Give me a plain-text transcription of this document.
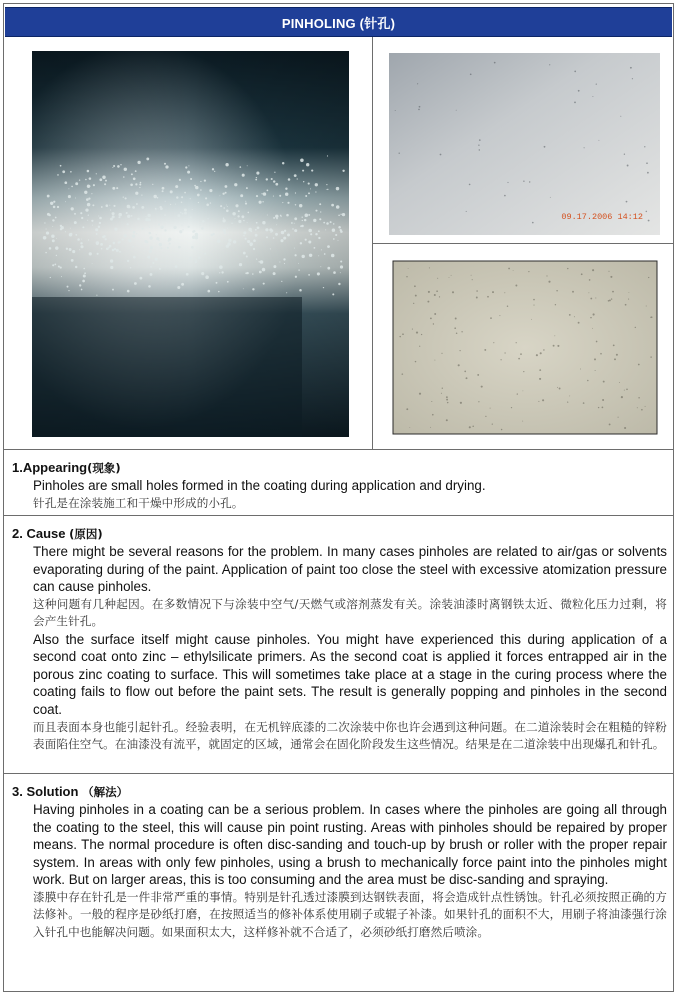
PINHOLING (针孔)
09.17.2006 14:12
1.Appearing(现象)

Pinholes are small holes formed in the coating during application and drying.

针孔是在涂装施工和干燥中形成的小孔。

2. Cause (原因)

There might be several reasons for the problem. In many cases pinholes are related to air/gas or solvents evaporating during of the paint. Application of paint too close the steel with excessive atomization pressure can cause pinholes.

这种问题有几种起因。在多数情况下与涂装中空气/天燃气或溶剂蒸发有关。涂装油漆时离钢铁太近、微粒化压力过剩，将会产生针孔。

Also the surface itself might cause pinholes. You might have experienced this during application of a second coat onto zinc – ethylsilicate primers. As the second coat is applied it forces entrapped air in the porous zinc coating to surface. This will sometimes take place at a stage in the curing process where the coating fails to flow out before the paint sets. The result is generally popping and pinholes in the second coat.

而且表面本身也能引起针孔。经验表明，在无机锌底漆的二次涂装中你也许会遇到这种问题。在二道涂装时会在粗糙的锌粉表面陷住空气。在油漆没有流平，就固定的区域，通常会在固化阶段发生这些情况。结果是在二道涂装中出现爆孔和针孔。

3. Solution （解法）

Having pinholes in a coating can be a serious problem. In cases where the pinholes are going all through the coating to the steel, this will cause pin point rusting. Areas with pinholes should be repaired by proper means. The normal procedure is often disc-sanding and touch-up by brush or roller with the proper repair system. In areas with only few pinholes, using a brush to mechanically force paint into the pinholes might work. But on larger areas, this is too consuming and the area must be disc-sanding and spraying.

漆膜中存在针孔是一件非常严重的事情。特别是针孔透过漆膜到达钢铁表面，将会造成针点性锈蚀。针孔必须按照正确的方法修补。一般的程序是砂纸打磨，在按照适当的修补体系使用刷子或辊子补漆。如果针孔的面积不大，用刷子将油漆强行涂入针孔中也能解决问题。如果面积太大，这样修补就不合适了，必须砂纸打磨然后喷涂。
